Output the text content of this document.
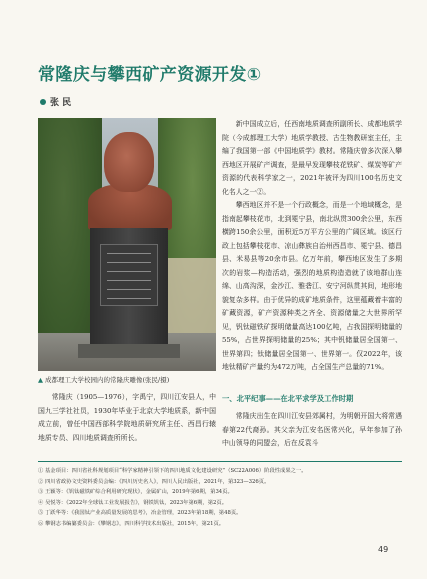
常隆庆与攀西矿产资源开发①
张 民
▲ 成都理工大学校园内的常隆庆雕像(张民/摄)

新中国成立后，任西南地质调查所副所长、成都地质学院（今成都理工大学）地质学教授、古生物教研室主任，主编了我国第一部《中国地质学》教材。常隆庆曾多次深入攀西地区开展矿产调查，是最早发现攀枝花铁矿、煤炭等矿产资源的代表科学家之一，2021年被评为四川100名历史文化名人之一②。

攀西地区并不是一个行政概念，而是一个地域概念，是指南起攀枝花市，北到冕宁县，南北纵贯300余公里，东西横跨150余公里，面积近5万平方公里的广阔区域。该区行政上包括攀枝花市、凉山彝族自治州西昌市、冕宁县、德昌县、米易县等20余市县。亿万年前，攀西地区发生了多期次的岩浆—构造活动，强烈的地质构造造就了该地群山连绵、山高沟深，金沙江、雅砻江、安宁河纵贯其间，地形地貌复杂多样。由于优异的成矿地质条件，这里蕴藏着丰富的矿藏资源，矿产资源种类之齐全、资源储量之大世界所罕见，钒钛磁铁矿探明储量高达100亿吨，占我国探明储量的55%，占世界探明储量的25%；其中钒储量居全国第一、世界第四；钛储量居全国第一、世界第一。仅2022年，该地钛精矿产量约为472万吨，占全国生产总量的71%。

常隆庆（1905—1976），字禹宁，四川江安县人，中国九三学社社员，1930年毕业于北京大学地质系，新中国成立前，曾任中国西部科学院地质研究所主任、西昌行辕地质专员、四川地质调查所所长。

一、北平纪事——在北平求学及工作时期

常隆庆出生在四川江安县郊属村，为明朝开国大将常遇春第22代裔孙。其父亲为江安名医常兴化，早年参加了孙中山领导的同盟会，后在反袁斗

① 基金项目：四川省社科规划项目“科学家精神引领下的四川地质文化建设研究”（SC22A006）阶段性成果之一。
② 四川省政协文史资料委员会编：《四川历史名人》，四川人民出版社，2021年，第323—326页。
③ 王颖等：《钒钛磁铁矿综合利用研究现状》，金属矿山，2019年第6期，第34页。
④ 吴悦等：《2022年全球钛工业发展报告》，钢铁钒钛，2023年第6期，第2页。
⑤ 丁跃华等：《我国钛产业高质量发展的思考》，冶金管理，2023年第18期，第48页。
⑥ 攀钢志书编纂委员会：《攀钢志》，四川科学技术出版社，2015年，第21页。
49
